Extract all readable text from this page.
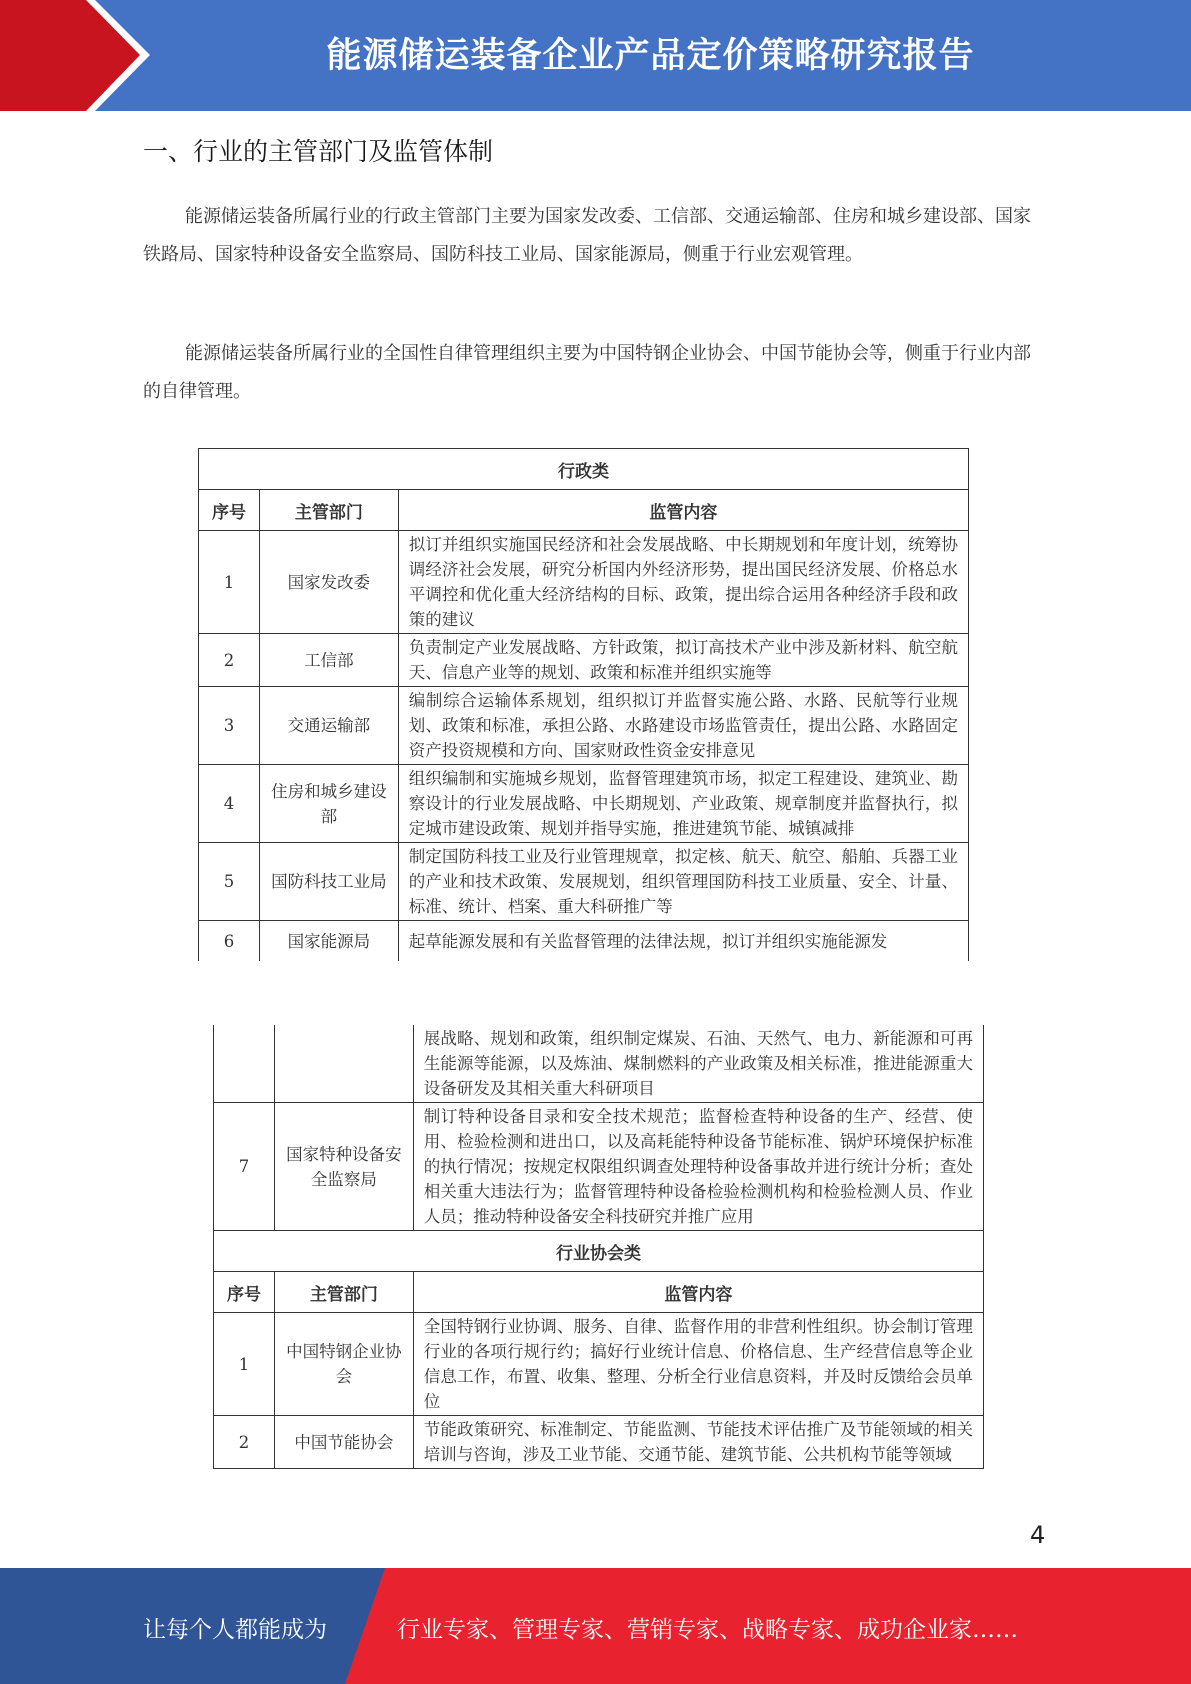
能源储运装备企业产品定价策略研究报告
一、行业的主管部门及监管体制

能源储运装备所属行业的行政主管部门主要为国家发改委、工信部、交通运输部、住房和城乡建设部、国家铁路局、国家特种设备安全监察局、国防科技工业局、国家能源局，侧重于行业宏观管理。

能源储运装备所属行业的全国性自律管理组织主要为中国特钢企业协会、中国节能协会等，侧重于行业内部的自律管理。

行政类		
序号	主管部门	监管内容
1	国家发改委	拟订并组织实施国民经济和社会发展战略、中长期规划和年度计划，统筹协调经济社会发展，研究分析国内外经济形势，提出国民经济发展、价格总水平调控和优化重大经济结构的目标、政策，提出综合运用各种经济手段和政策的建议
2	工信部	负责制定产业发展战略、方针政策，拟订高技术产业中涉及新材料、航空航天、信息产业等的规划、政策和标准并组织实施等
3	交通运输部	编制综合运输体系规划，组织拟订并监督实施公路、水路、民航等行业规划、政策和标准，承担公路、水路建设市场监管责任，提出公路、水路固定资产投资规模和方向、国家财政性资金安排意见
4	住房和城乡建设部	组织编制和实施城乡规划，监督管理建筑市场，拟定工程建设、建筑业、勘察设计的行业发展战略、中长期规划、产业政策、规章制度并监督执行，拟定城市建设政策、规划并指导实施，推进建筑节能、城镇减排
5	国防科技工业局	制定国防科技工业及行业管理规章，拟定核、航天、航空、船舶、兵器工业的产业和技术政策、发展规划，组织管理国防科技工业质量、安全、计量、标准、统计、档案、重大科研推广等
6	国家能源局	起草能源发展和有关监督管理的法律法规，拟订并组织实施能源发
		展战略、规划和政策，组织制定煤炭、石油、天然气、电力、新能源和可再生能源等能源，以及炼油、煤制燃料的产业政策及相关标准，推进能源重大设备研发及其相关重大科研项目
7	国家特种设备安全监察局	制订特种设备目录和安全技术规范；监督检查特种设备的生产、经营、使用、检验检测和进出口，以及高耗能特种设备节能标准、锅炉环境保护标准的执行情况；按规定权限组织调查处理特种设备事故并进行统计分析；查处相关重大违法行为；监督管理特种设备检验检测机构和检验检测人员、作业人员；推动特种设备安全科技研究并推广应用
行业协会类		
序号	主管部门	监管内容
1	中国特钢企业协会	全国特钢行业协调、服务、自律、监督作用的非营利性组织。协会制订管理行业的各项行规行约；搞好行业统计信息、价格信息、生产经营信息等企业信息工作，布置、收集、整理、分析全行业信息资料，并及时反馈给会员单位
2	中国节能协会	节能政策研究、标准制定、节能监测、节能技术评估推广及节能领域的相关培训与咨询，涉及工业节能、交通节能、建筑节能、公共机构节能等领域
4
让每个人都能成为	行业专家、管理专家、营销专家、战略专家、成功企业家……
